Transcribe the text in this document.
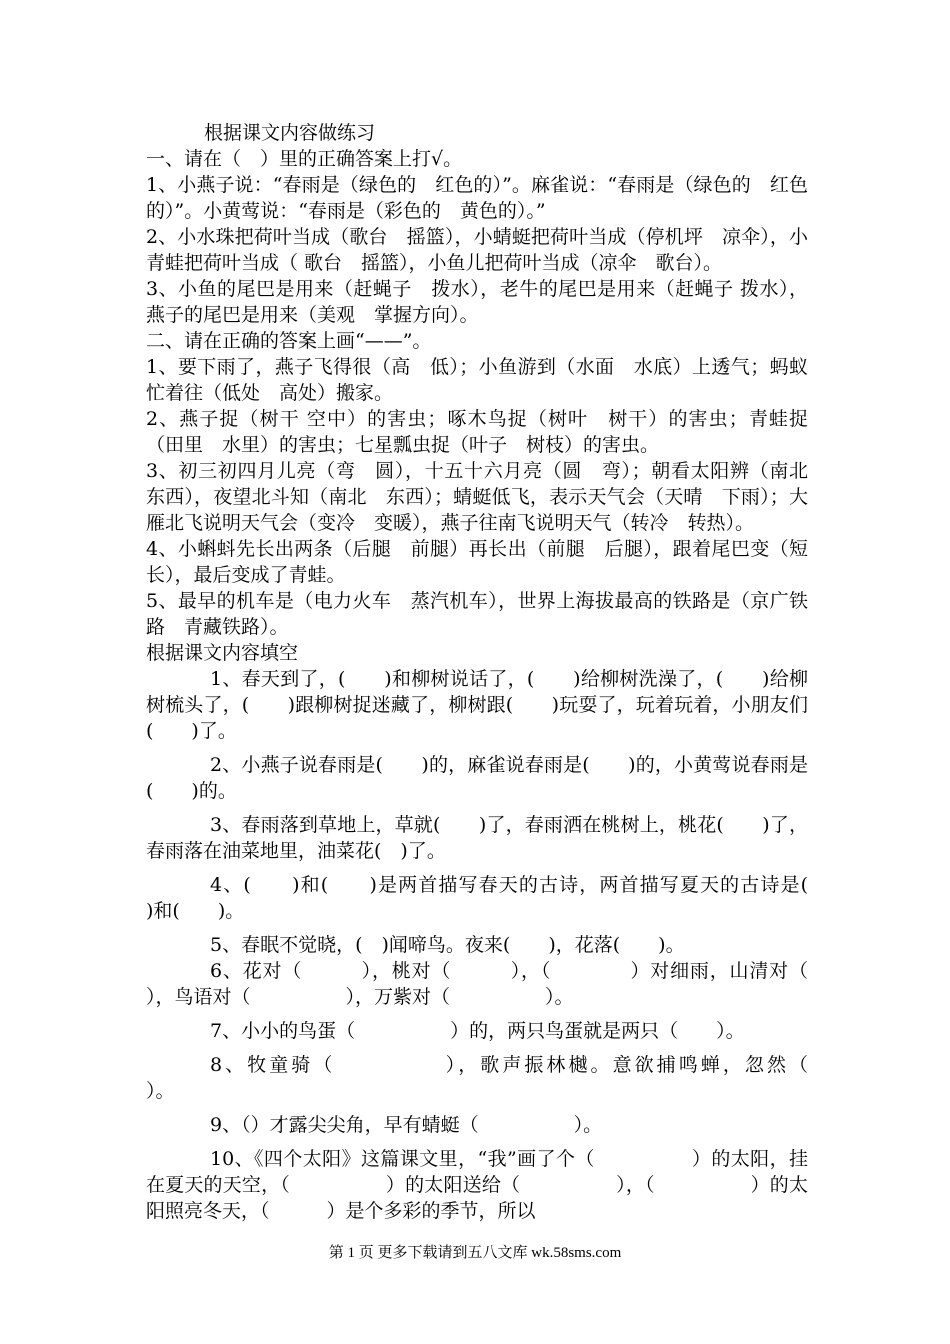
根据课文内容做练习

一、请在（　）里的正确答案上打√。

1、小燕子说：“春雨是（绿色的　红色的）”。麻雀说：“春雨是（绿色的　红色的）”。小黄莺说：“春雨是（彩色的　黄色的）。”

2、小水珠把荷叶当成（歌台　摇篮），小蜻蜓把荷叶当成（停机坪　凉伞），小青蛙把荷叶当成（ 歌台　摇篮），小鱼儿把荷叶当成（凉伞　歌台）。

3、小鱼的尾巴是用来（赶蝇子　拨水），老牛的尾巴是用来（赶蝇子 拨水），燕子的尾巴是用来（美观　掌握方向）。

二、请在正确的答案上画“——”。

1、要下雨了，燕子飞得很（高　低）；小鱼游到（水面　水底）上透气；蚂蚁忙着往（低处　高处）搬家。

2、燕子捉（树干 空中）的害虫；啄木鸟捉（树叶　树干）的害虫；青蛙捉（田里　水里）的害虫；七星瓢虫捉（叶子　树枝）的害虫。

3、初三初四月儿亮（弯　圆），十五十六月亮（圆　弯）；朝看太阳辨（南北　东西），夜望北斗知（南北　东西）；蜻蜓低飞，表示天气会（天晴　下雨）；大雁北飞说明天气会（变冷　变暖），燕子往南飞说明天气（转冷　转热）。

4、小蝌蚪先长出两条（后腿　前腿）再长出（前腿　后腿），跟着尾巴变（短　长），最后变成了青蛙。

5、最早的机车是（电力火车　蒸汽机车），世界上海拔最高的铁路是（京广铁路　青藏铁路）。

根据课文内容填空

1、春天到了，(　　)和柳树说话了，(　　)给柳树洗澡了，(　　)给柳树梳头了，(　　)跟柳树捉迷藏了，柳树跟(　　)玩耍了，玩着玩着，小朋友们(　　)了。

2、小燕子说春雨是(　　)的，麻雀说春雨是(　　)的，小黄莺说春雨是(　　)的。

3、春雨落到草地上，草就(　　)了，春雨洒在桃树上，桃花(　　)了，春雨落在油菜地里，油菜花(　)了。

4、(　　)和(　　)是两首描写春天的古诗，两首描写夏天的古诗是(　　)和(　　)。

5、春眠不觉晓，(　)闻啼鸟。夜来(　　)，花落(　　)。

6、花对（　　　），桃对（　　　），（　　　　）对细雨，山清对（　　　），鸟语对（　　　　　），万紫对（　　　　　）。

7、小小的鸟蛋（　　　　　）的，两只鸟蛋就是两只（　　）。

8、牧童骑（　　　　　），歌声振林樾。意欲捕鸣蝉，忽然（　　　　　）。

9、（）才露尖尖角，早有蜻蜓（　　　　　）。

10、《四个太阳》这篇课文里，“我”画了个（　　　　　）的太阳，挂在夏天的天空，（　　　　　）的太阳送给（　　　　　），（　　　　　）的太阳照亮冬天，（　　　）是个多彩的季节，所以

第 1 页 更多下载请到五八文库 wk.58sms.com
